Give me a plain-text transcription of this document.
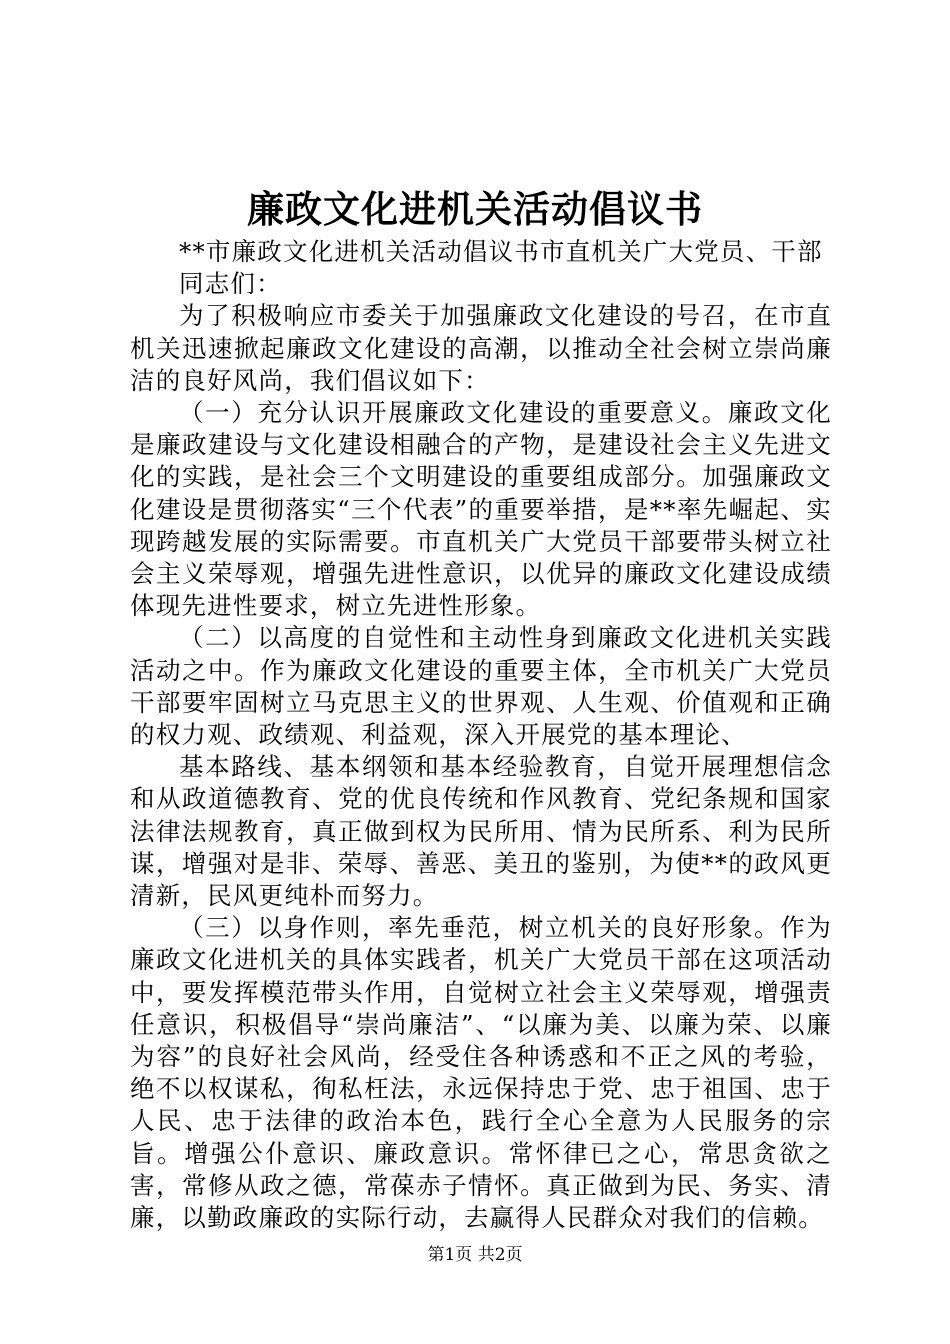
廉政文化进机关活动倡议书

**市廉政文化进机关活动倡议书市直机关广大党员、干部

同志们：

为了积极响应市委关于加强廉政文化建设的号召，在市直机关迅速掀起廉政文化建设的高潮，以推动全社会树立崇尚廉洁的良好风尚，我们倡议如下：

（一）充分认识开展廉政文化建设的重要意义。廉政文化是廉政建设与文化建设相融合的产物，是建设社会主义先进文化的实践，是社会三个文明建设的重要组成部分。加强廉政文化建设是贯彻落实“三个代表”的重要举措，是**率先崛起、实现跨越发展的实际需要。市直机关广大党员干部要带头树立社会主义荣辱观，增强先进性意识，以优异的廉政文化建设成绩体现先进性要求，树立先进性形象。

（二）以高度的自觉性和主动性身到廉政文化进机关实践活动之中。作为廉政文化建设的重要主体，全市机关广大党员干部要牢固树立马克思主义的世界观、人生观、价值观和正确的权力观、政绩观、利益观，深入开展党的基本理论、

基本路线、基本纲领和基本经验教育，自觉开展理想信念和从政道德教育、党的优良传统和作风教育、党纪条规和国家法律法规教育，真正做到权为民所用、情为民所系、利为民所谋，增强对是非、荣辱、善恶、美丑的鉴别，为使**的政风更清新，民风更纯朴而努力。

（三）以身作则，率先垂范，树立机关的良好形象。作为廉政文化进机关的具体实践者，机关广大党员干部在这项活动中，要发挥模范带头作用，自觉树立社会主义荣辱观，增强责任意识，积极倡导“崇尚廉洁”、“以廉为美、以廉为荣、以廉为容”的良好社会风尚，经受住各种诱惑和不正之风的考验，绝不以权谋私，徇私枉法，永远保持忠于党、忠于祖国、忠于人民、忠于法律的政治本色，践行全心全意为人民服务的宗旨。增强公仆意识、廉政意识。常怀律已之心，常思贪欲之害，常修从政之德，常葆赤子情怀。真正做到为民、务实、清廉，以勤政廉政的实际行动，去赢得人民群众对我们的信赖。

第1页 共2页
